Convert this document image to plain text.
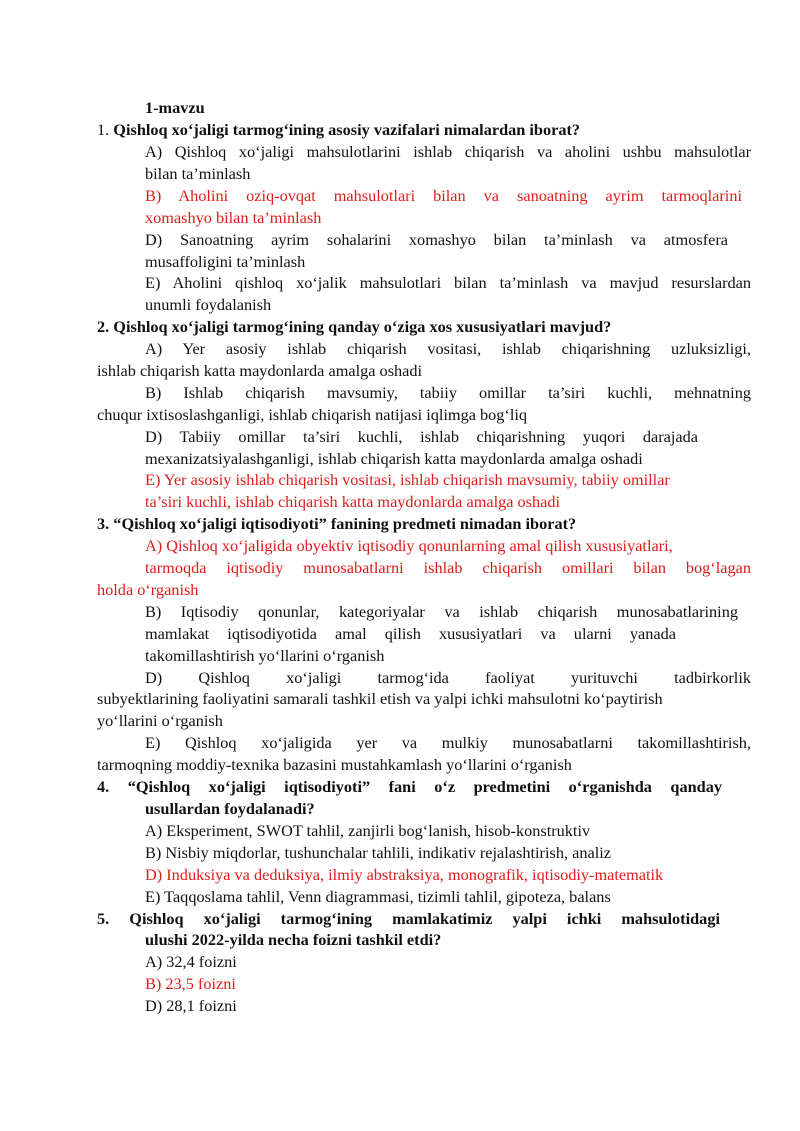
1-mavzu
1. Qishloq xo‘jaligi tarmog‘ining asosiy vazifalari nimalardan iborat?
A) Qishloq xo‘jaligi mahsulotlarini ishlab chiqarish va aholini ushbu mahsulotlar
bilan ta’minlash
B) Aholini oziq-ovqat mahsulotlari bilan va sanoatning ayrim tarmoqlarini
xomashyo bilan ta’minlash
D) Sanoatning ayrim sohalarini xomashyo bilan ta’minlash va atmosfera
musaffoligini ta’minlash
E) Aholini qishloq xo‘jalik mahsulotlari bilan ta’minlash va mavjud resurslardan
unumli foydalanish
2. Qishloq xo‘jaligi tarmog‘ining qanday o‘ziga xos xususiyatlari mavjud?
A) Yer asosiy ishlab chiqarish vositasi, ishlab chiqarishning uzluksizligi,
ishlab chiqarish katta maydonlarda amalga oshadi
B) Ishlab chiqarish mavsumiy, tabiiy omillar ta’siri kuchli, mehnatning
chuqur ixtisoslashganligi, ishlab chiqarish natijasi iqlimga bog‘liq
D) Tabiiy omillar ta’siri kuchli, ishlab chiqarishning yuqori darajada
mexanizatsiyalashganligi, ishlab chiqarish katta maydonlarda amalga oshadi
E) Yer asosiy ishlab chiqarish vositasi, ishlab chiqarish mavsumiy, tabiiy omillar
ta’siri kuchli, ishlab chiqarish katta maydonlarda amalga oshadi
3. “Qishloq xo‘jaligi iqtisodiyoti” fanining predmeti nimadan iborat?
A) Qishloq xo‘jaligida obyektiv iqtisodiy qonunlarning amal qilish xususiyatlari,
tarmoqda iqtisodiy munosabatlarni ishlab chiqarish omillari bilan bog‘lagan
holda o‘rganish
B) Iqtisodiy qonunlar, kategoriyalar va ishlab chiqarish munosabatlarining
mamlakat iqtisodiyotida amal qilish xususiyatlari va ularni yanada
takomillashtirish yo‘llarini o‘rganish
D) Qishloq xo‘jaligi tarmog‘ida faoliyat yurituvchi tadbirkorlik
subyektlarining faoliyatini samarali tashkil etish va yalpi ichki mahsulotni ko‘paytirish
yo‘llarini o‘rganish
E) Qishloq xo‘jaligida yer va mulkiy munosabatlarni takomillashtirish,
tarmoqning moddiy-texnika bazasini mustahkamlash yo‘llarini o‘rganish
4. “Qishloq xo‘jaligi iqtisodiyoti” fani o‘z predmetini o‘rganishda qanday
usullardan foydalanadi?
A) Eksperiment, SWOT tahlil, zanjirli bog‘lanish, hisob-konstruktiv
B) Nisbiy miqdorlar, tushunchalar tahlili, indikativ rejalashtirish, analiz
D) Induksiya va deduksiya, ilmiy abstraksiya, monografik, iqtisodiy-matematik
E) Taqqoslama tahlil, Venn diagrammasi, tizimli tahlil, gipoteza, balans
5. Qishloq xo‘jaligi tarmog‘ining mamlakatimiz yalpi ichki mahsulotidagi
ulushi 2022-yilda necha foizni tashkil etdi?
A) 32,4 foizni
B) 23,5 foizni
D) 28,1 foizni
